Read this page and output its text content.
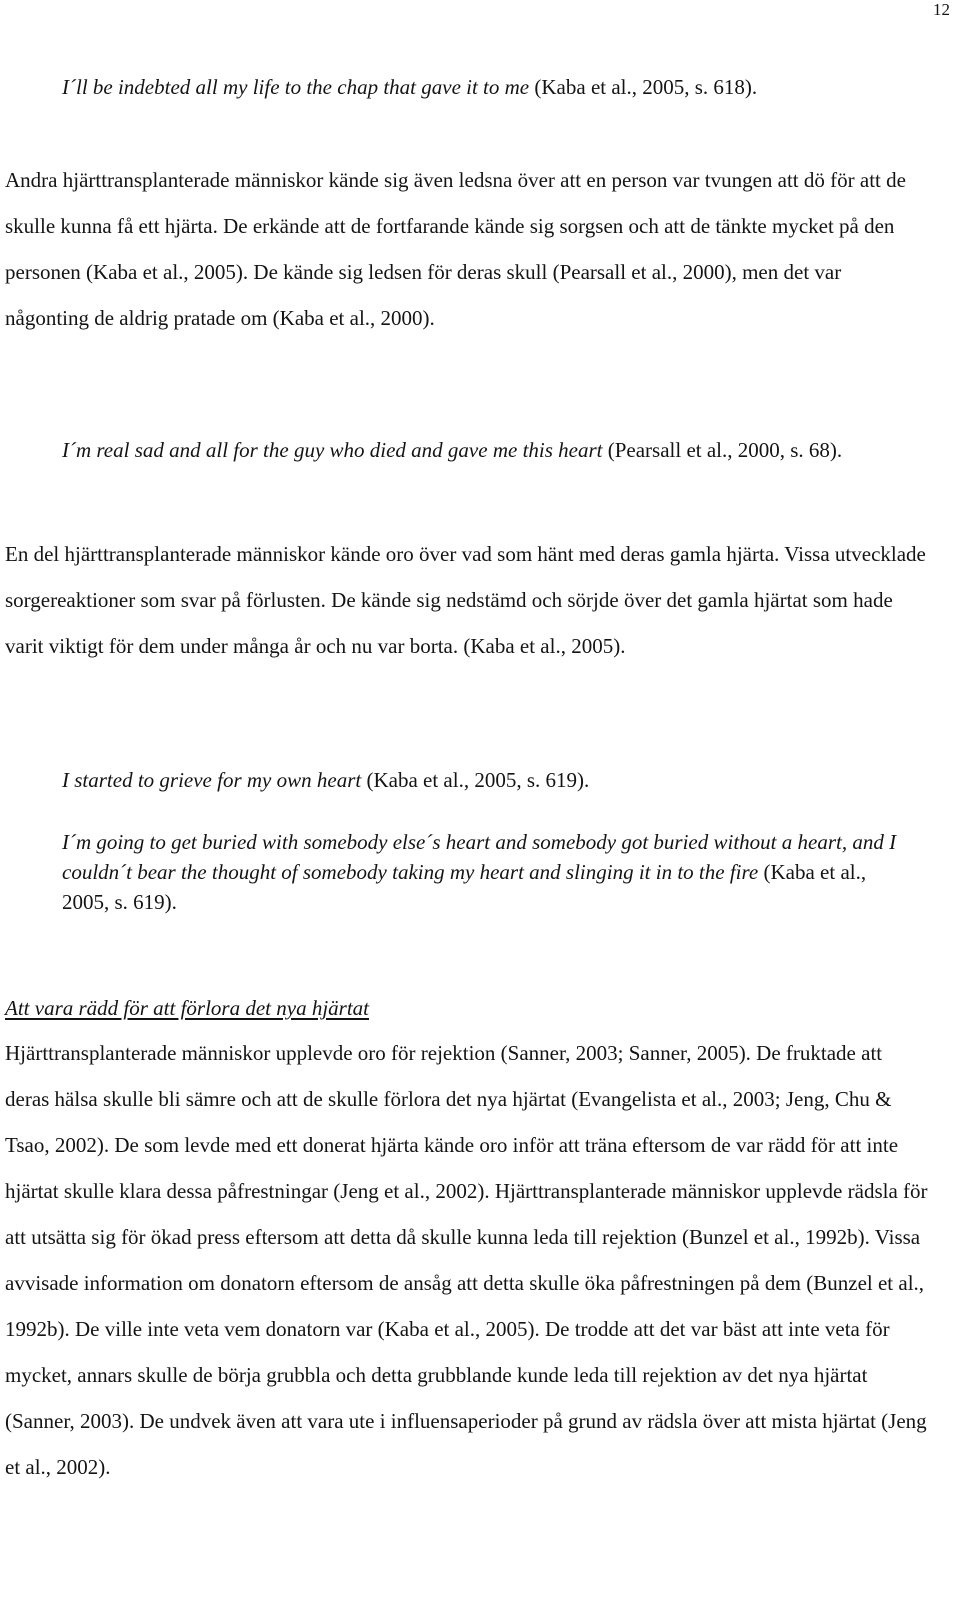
12
I´ll be indebted all my life to the chap that gave it to me (Kaba et al., 2005, s. 618).
Andra hjärttransplanterade människor kände sig även ledsna över att en person var tvungen att dö för att de skulle kunna få ett hjärta. De erkände att de fortfarande kände sig sorgsen och att de tänkte mycket på den personen (Kaba et al., 2005). De kände sig ledsen för deras skull (Pearsall et al., 2000), men det var någonting de aldrig pratade om (Kaba et al., 2000).
I´m real sad and all for the guy who died and gave me this heart (Pearsall et al., 2000, s. 68).
En del hjärttransplanterade människor kände oro över vad som hänt med deras gamla hjärta. Vissa utvecklade sorgereaktioner som svar på förlusten. De kände sig nedstämd och sörjde över det gamla hjärtat som hade varit viktigt för dem under många år och nu var borta. (Kaba et al., 2005).
I started to grieve for my own heart (Kaba et al., 2005, s. 619).
I´m going to get buried with somebody else´s heart and somebody got buried without a heart, and I couldn´t bear the thought of somebody taking my heart and slinging it in to the fire (Kaba et al., 2005, s. 619).
Att vara rädd för att förlora det nya hjärtat
Hjärttransplanterade människor upplevde oro för rejektion (Sanner, 2003; Sanner, 2005). De fruktade att deras hälsa skulle bli sämre och att de skulle förlora det nya hjärtat (Evangelista et al., 2003; Jeng, Chu & Tsao, 2002). De som levde med ett donerat hjärta kände oro inför att träna eftersom de var rädd för att inte hjärtat skulle klara dessa påfrestningar (Jeng et al., 2002). Hjärttransplanterade människor upplevde rädsla för att utsätta sig för ökad press eftersom att detta då skulle kunna leda till rejektion (Bunzel et al., 1992b). Vissa avvisade information om donatorn eftersom de ansåg att detta skulle öka påfrestningen på dem (Bunzel et al., 1992b). De ville inte veta vem donatorn var (Kaba et al., 2005). De trodde att det var bäst att inte veta för mycket, annars skulle de börja grubbla och detta grubblande kunde leda till rejektion av det nya hjärtat (Sanner, 2003). De undvek även att vara ute i influensaperioder på grund av rädsla över att mista hjärtat (Jeng et al., 2002).
